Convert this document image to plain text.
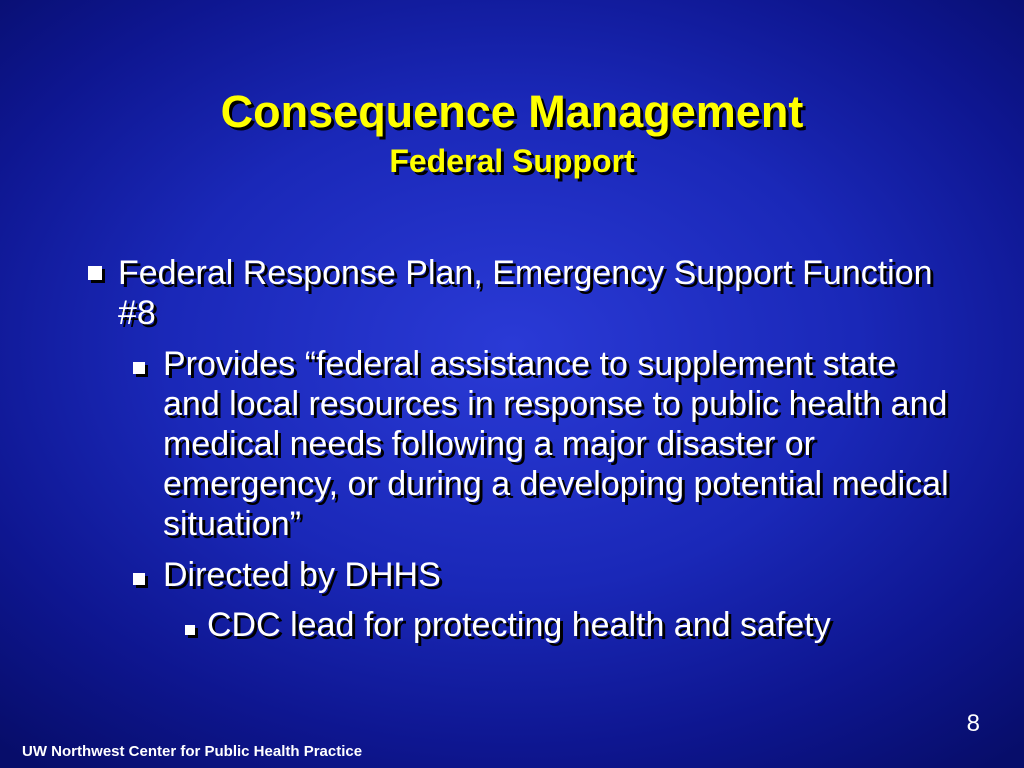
Consequence Management
Federal Support
Federal Response Plan, Emergency Support Function #8
Provides “federal assistance to supplement state and local resources in response to public health and medical needs following a major disaster or emergency, or during a developing potential medical situation”
Directed by DHHS
CDC lead for protecting health and safety
8
UW Northwest Center for Public Health Practice
